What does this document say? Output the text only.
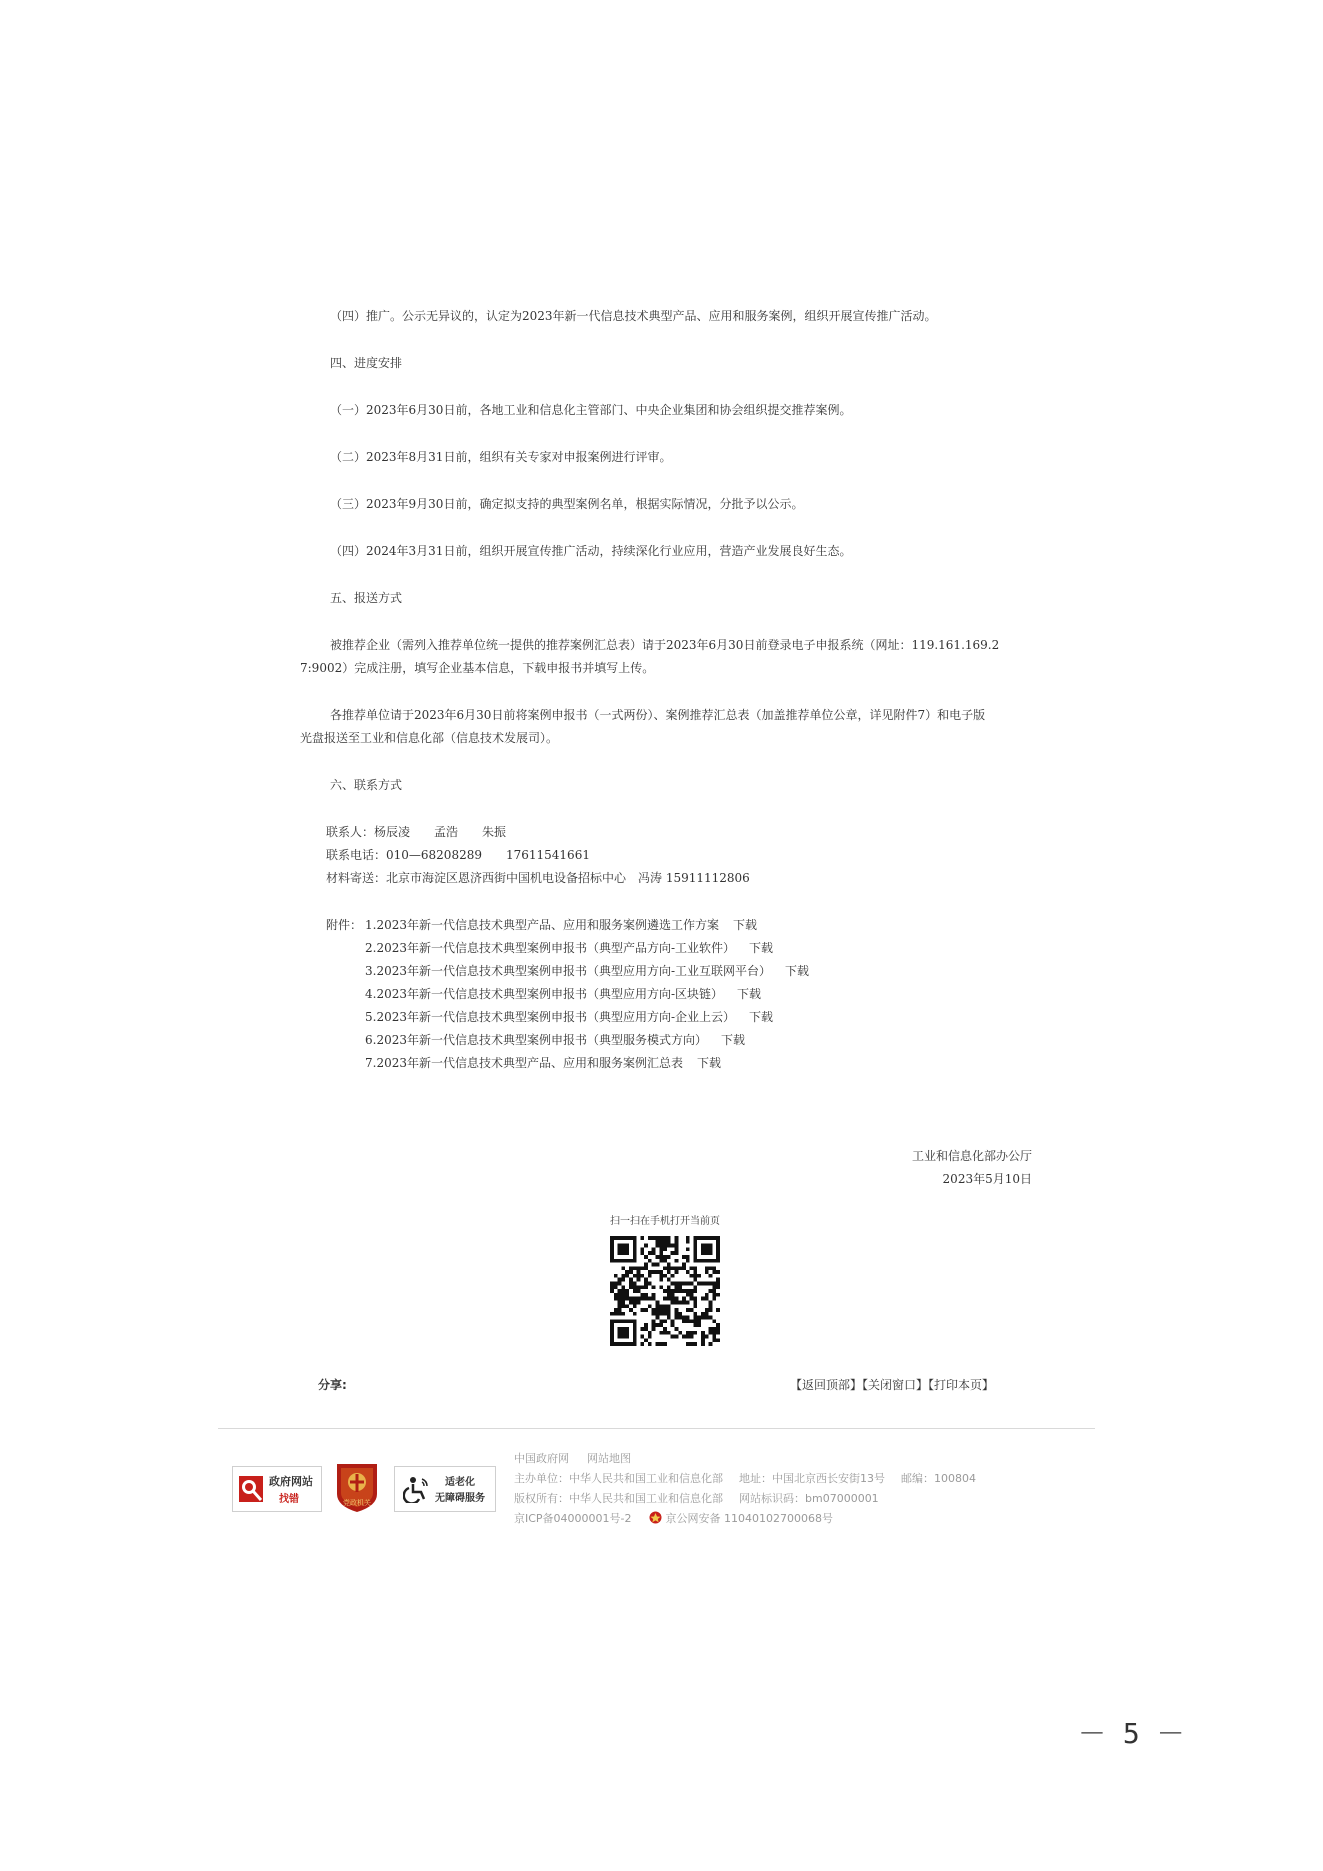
（四）推广。公示无异议的，认定为2023年新一代信息技术典型产品、应用和服务案例，组织开展宣传推广活动。
四、进度安排
（一）2023年6月30日前，各地工业和信息化主管部门、中央企业集团和协会组织提交推荐案例。
（二）2023年8月31日前，组织有关专家对申报案例进行评审。
（三）2023年9月30日前，确定拟支持的典型案例名单，根据实际情况，分批予以公示。
（四）2024年3月31日前，组织开展宣传推广活动，持续深化行业应用，营造产业发展良好生态。
五、报送方式
被推荐企业（需列入推荐单位统一提供的推荐案例汇总表）请于2023年6月30日前登录电子申报系统（网址：119.161.169.2
7:9002）完成注册，填写企业基本信息，下载申报书并填写上传。
各推荐单位请于2023年6月30日前将案例申报书（一式两份）、案例推荐汇总表（加盖推荐单位公章，详见附件7）和电子版
光盘报送至工业和信息化部（信息技术发展司）。
六、联系方式
联系人：杨辰凌　　孟浩　　朱振
联系电话：010—68208289　　17611541661
材料寄送：北京市海淀区恩济西街中国机电设备招标中心　冯涛 15911112806
附件： 1.2023年新一代信息技术典型产品、应用和服务案例遴选工作方案 下载
2.2023年新一代信息技术典型案例申报书（典型产品方向-工业软件） 下载
3.2023年新一代信息技术典型案例申报书（典型应用方向-工业互联网平台） 下载
4.2023年新一代信息技术典型案例申报书（典型应用方向-区块链） 下载
5.2023年新一代信息技术典型案例申报书（典型应用方向-企业上云） 下载
6.2023年新一代信息技术典型案例申报书（典型服务模式方向） 下载
7.2023年新一代信息技术典型产品、应用和服务案例汇总表 下载
工业和信息化部办公厅
2023年5月10日
扫一扫在手机打开当前页
分享:	【返回顶部】【关闭窗口】【打印本页】
政府网站
找错	党政机关
适老化
无障碍服务
中国政府网 网站地图
主办单位：中华人民共和国工业和信息化部 地址：中国北京西长安街13号 邮编：100804
版权所有：中华人民共和国工业和信息化部 网站标识码：bm07000001
京ICP备04000001号-2	京公网安备 11040102700068号
－ 5 －
